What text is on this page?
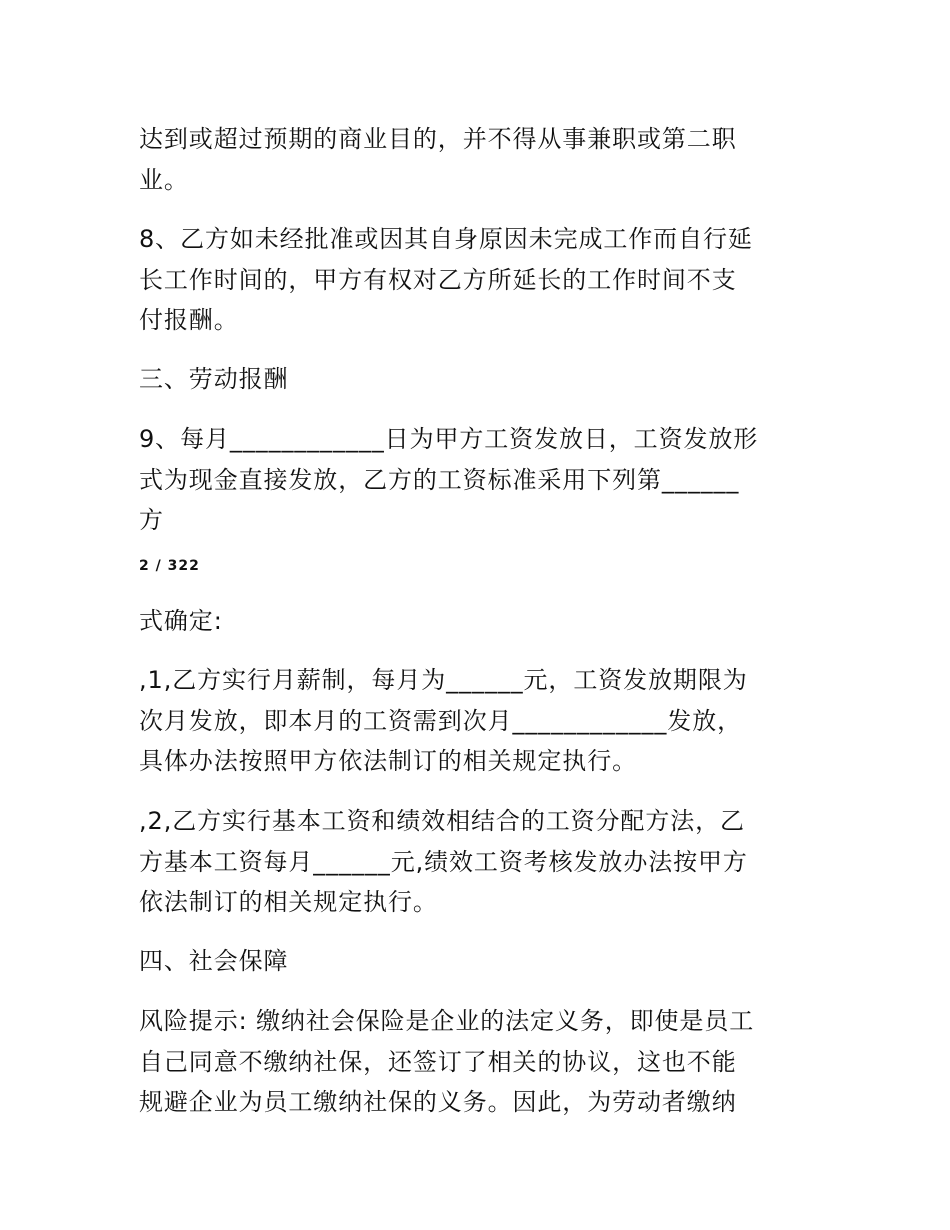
达到或超过预期的商业目的，并不得从事兼职或第二职
业。
8、乙方如未经批准或因其自身原因未完成工作而自行延
长工作时间的，甲方有权对乙方所延长的工作时间不支
付报酬。
三、劳动报酬
9、每月____________日为甲方工资发放日，工资发放形
式为现金直接发放，乙方的工资标准采用下列第______
方
2 / 322
式确定:
,1,乙方实行月薪制，每月为______元，工资发放期限为
次月发放，即本月的工资需到次月____________发放，
具体办法按照甲方依法制订的相关规定执行。
,2,乙方实行基本工资和绩效相结合的工资分配方法，乙
方基本工资每月______元,绩效工资考核发放办法按甲方
依法制订的相关规定执行。
四、社会保障
风险提示: 缴纳社会保险是企业的法定义务，即使是员工
自己同意不缴纳社保，还签订了相关的协议，这也不能
规避企业为员工缴纳社保的义务。因此，为劳动者缴纳
